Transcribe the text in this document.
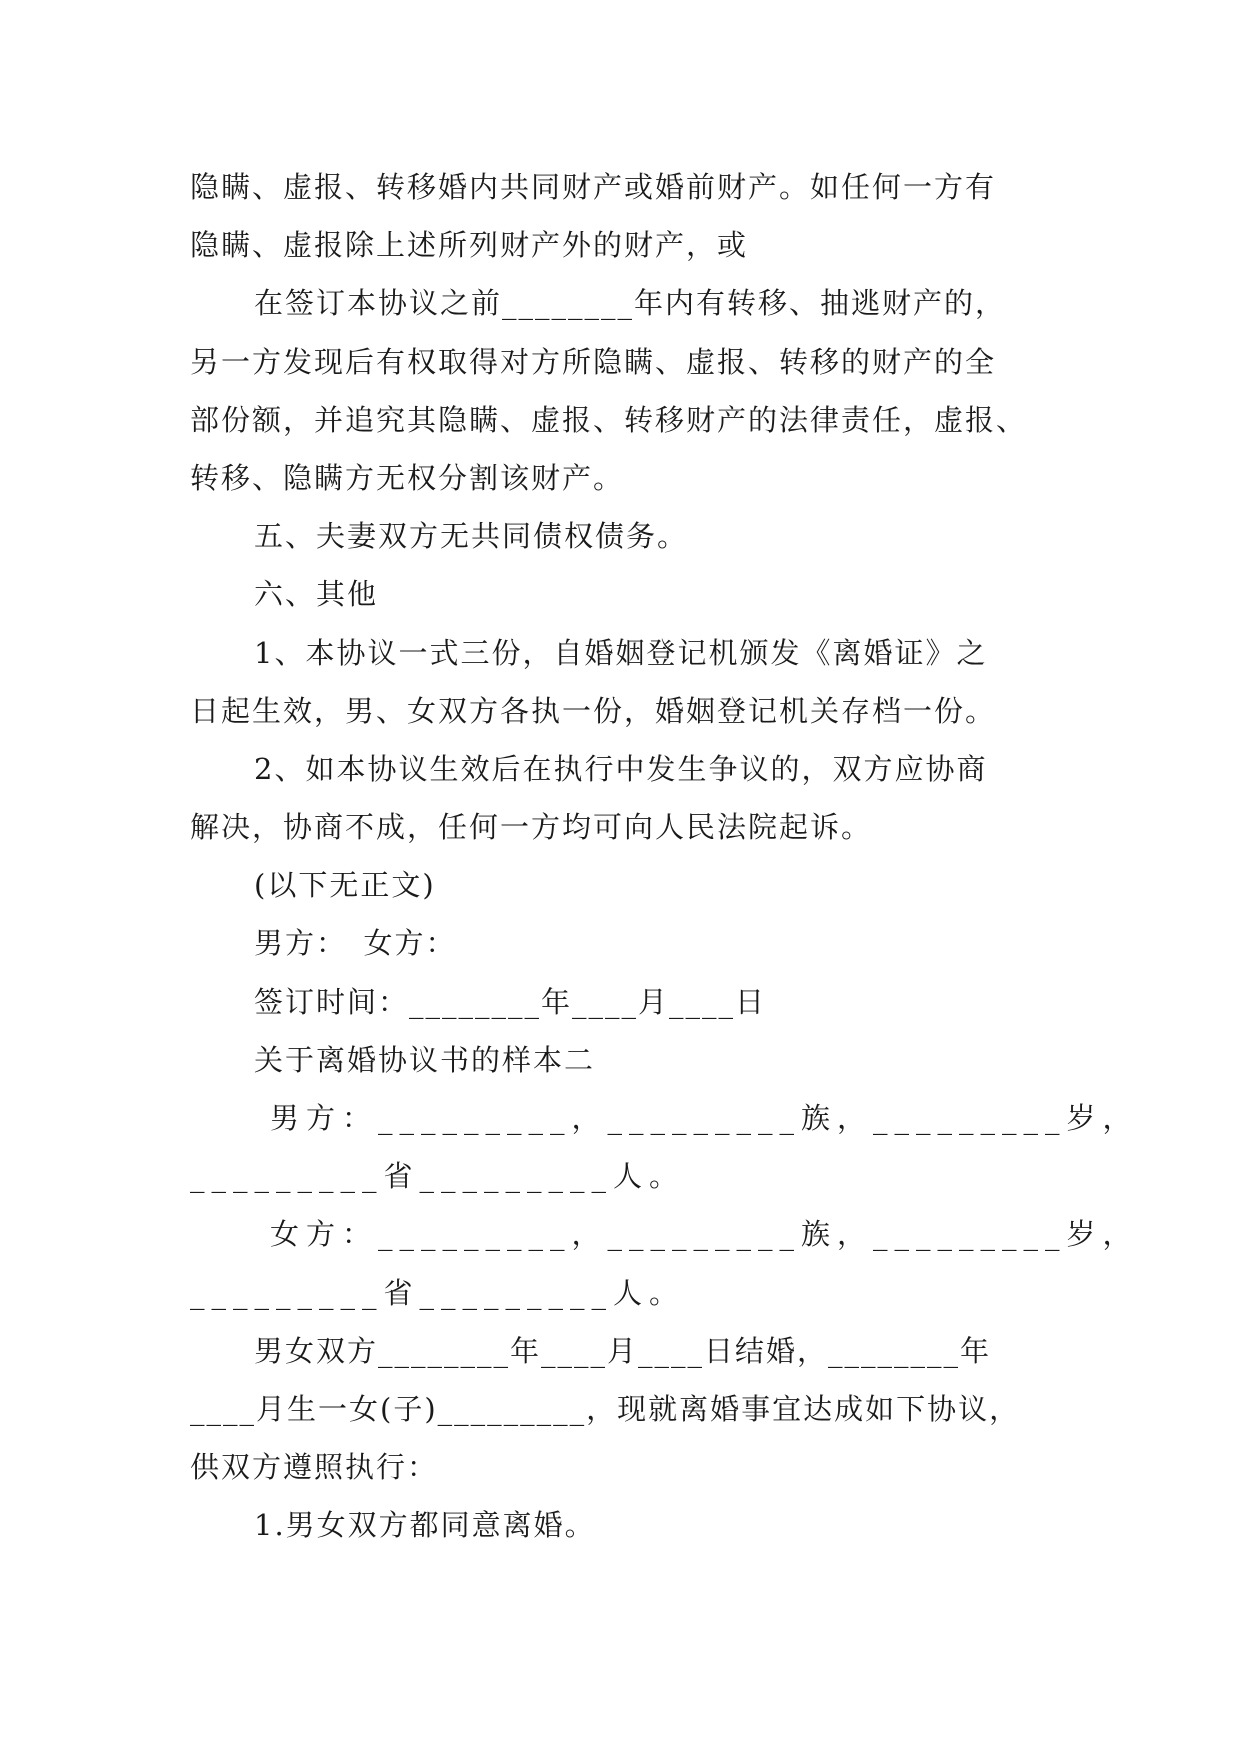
隐瞒、虚报、转移婚内共同财产或婚前财产。如任何一方有
隐瞒、虚报除上述所列财产外的财产，或
在签订本协议之前________年内有转移、抽逃财产的，
另一方发现后有权取得对方所隐瞒、虚报、转移的财产的全
部份额，并追究其隐瞒、虚报、转移财产的法律责任，虚报、
转移、隐瞒方无权分割该财产。
五、夫妻双方无共同债权债务。
六、其他
1、本协议一式三份，自婚姻登记机颁发《离婚证》之
日起生效，男、女双方各执一份，婚姻登记机关存档一份。
2、如本协议生效后在执行中发生争议的，双方应协商
解决，协商不成，任何一方均可向人民法院起诉。
(以下无正文)
男方：　女方：
签订时间：________年____月____日
关于离婚协议书的样本二
男方：_________，_________族，_________岁，
_________省_________人。
女方：_________，_________族，_________岁，
_________省_________人。
男女双方________年____月____日结婚，________年
____月生一女(子)_________，现就离婚事宜达成如下协议，
供双方遵照执行：
1.男女双方都同意离婚。
